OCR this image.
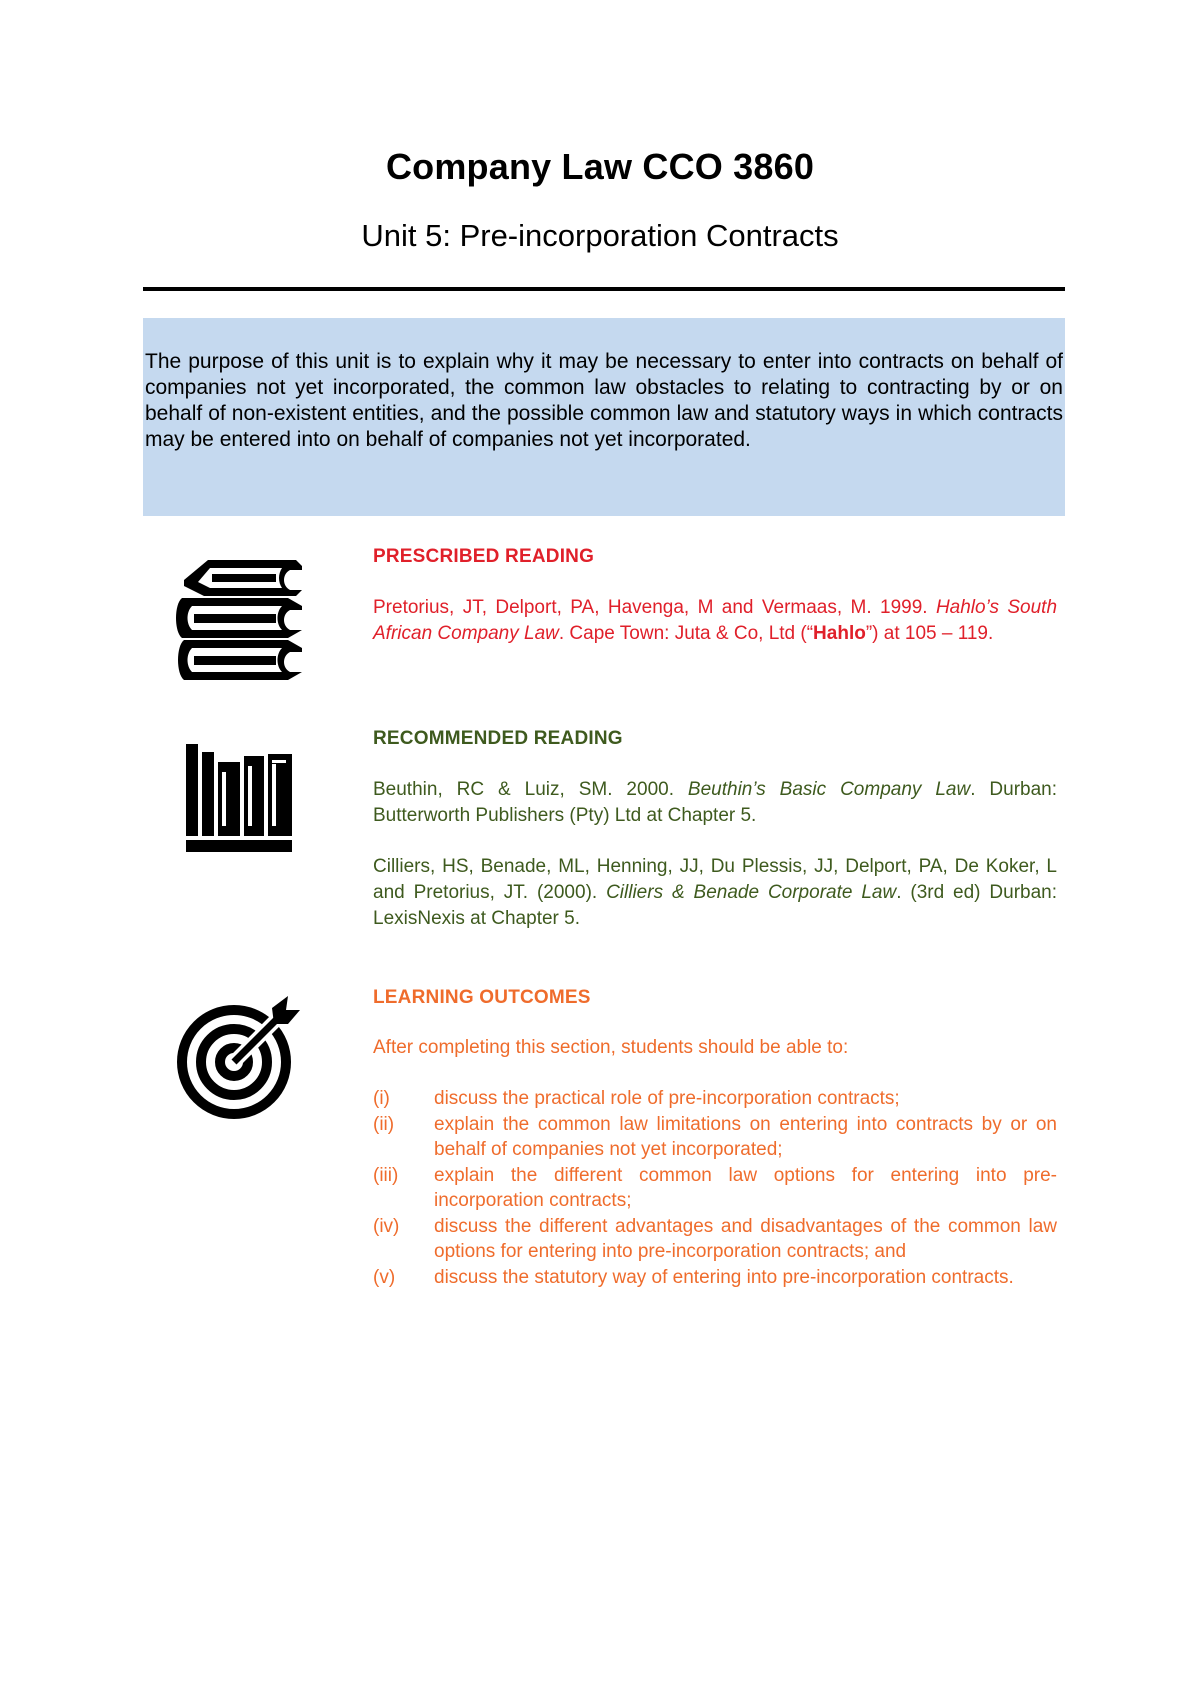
Company Law CCO 3860
Unit 5: Pre-incorporation Contracts

The purpose of this unit is to explain why it may be necessary to enter into contracts on behalf of companies not yet incorporated, the common law obstacles to relating to contracting by or on behalf of non-existent entities, and the possible common law and statutory ways in which contracts may be entered into on behalf of companies not yet incorporated.

PRESCRIBED READING

Pretorius, JT, Delport, PA, Havenga, M and Vermaas, M. 1999. Hahlo’s South African Company Law. Cape Town: Juta & Co, Ltd (“Hahlo”) at 105 – 119.

RECOMMENDED READING

Beuthin, RC & Luiz, SM. 2000. Beuthin’s Basic Company Law. Durban: Butterworth Publishers (Pty) Ltd at Chapter 5.

Cilliers, HS, Benade, ML, Henning, JJ, Du Plessis, JJ, Delport, PA, De Koker, L and Pretorius, JT. (2000). Cilliers & Benade Corporate Law. (3rd ed) Durban: LexisNexis at Chapter 5.

LEARNING OUTCOMES

After completing this section, students should be able to:

(i) discuss the practical role of pre-incorporation contracts;
(ii) explain the common law limitations on entering into contracts by or on behalf of companies not yet incorporated;
(iii) explain the different common law options for entering into pre-incorporation contracts;
(iv) discuss the different advantages and disadvantages of the common law options for entering into pre-incorporation contracts; and
(v) discuss the statutory way of entering into pre-incorporation contracts.
